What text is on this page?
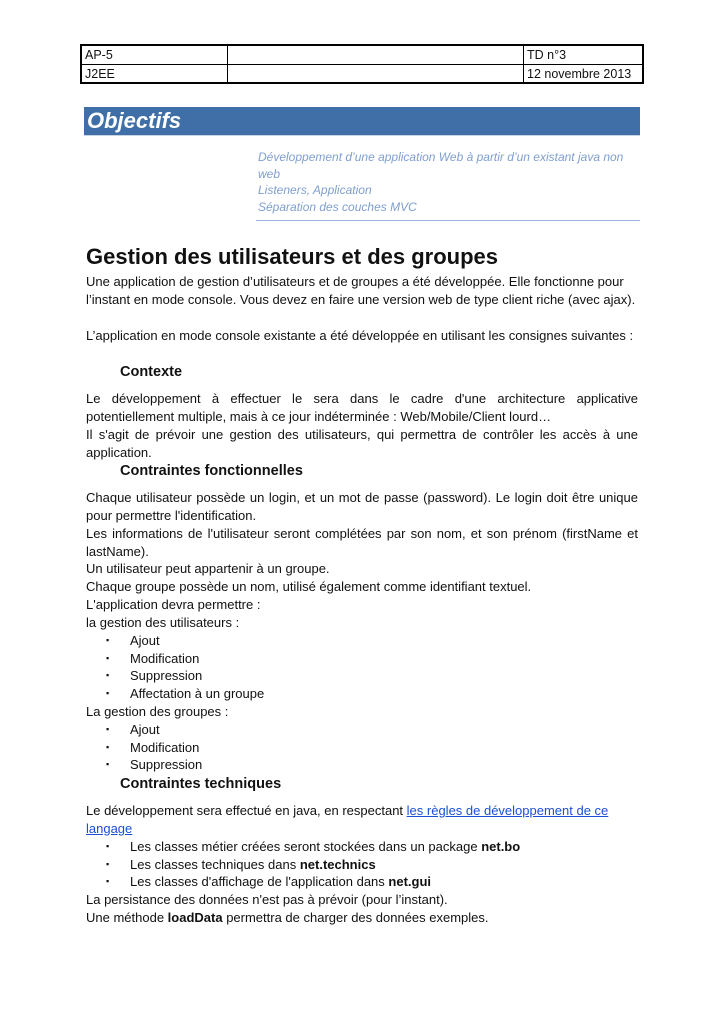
AP-5	TD n°3
J2EE	12 novembre 2013
Objectifs
Développement d’une application Web à partir d’un existant java non
web
Listeners, Application
Séparation des couches MVC
Gestion des utilisateurs et des groupes
Une application de gestion d’utilisateurs et de groupes a été développée. Elle fonctionne pour l’instant en mode console. Vous devez en faire une version web de type client riche (avec ajax).
L’application en mode console existante a été développée en utilisant les consignes suivantes :
Contexte
Le développement à effectuer le sera dans le cadre d'une architecture applicative potentiellement multiple, mais à ce jour indéterminée : Web/Mobile/Client lourd…
Il s'agit de prévoir une gestion des utilisateurs, qui permettra de contrôler les accès à une application.
Contraintes fonctionnelles
Chaque utilisateur possède un login, et un mot de passe (password). Le login doit être unique pour permettre l'identification.
Les informations de l'utilisateur seront complétées par son nom, et son prénom (firstName et lastName).
Un utilisateur peut appartenir à un groupe.
Chaque groupe possède un nom, utilisé également comme identifiant textuel.
L'application devra permettre :
la gestion des utilisateurs :
▪ Ajout
▪ Modification
▪ Suppression
▪ Affectation à un groupe
La gestion des groupes :
▪ Ajout
▪ Modification
▪ Suppression
Contraintes techniques
Le développement sera effectué en java, en respectant les règles de développement de ce langage
▪ Les classes métier créées seront stockées dans un package net.bo
▪ Les classes techniques dans net.technics
▪ Les classes d'affichage de l'application dans net.gui
La persistance des données n'est pas à prévoir (pour l’instant).
Une méthode loadData permettra de charger des données exemples.
